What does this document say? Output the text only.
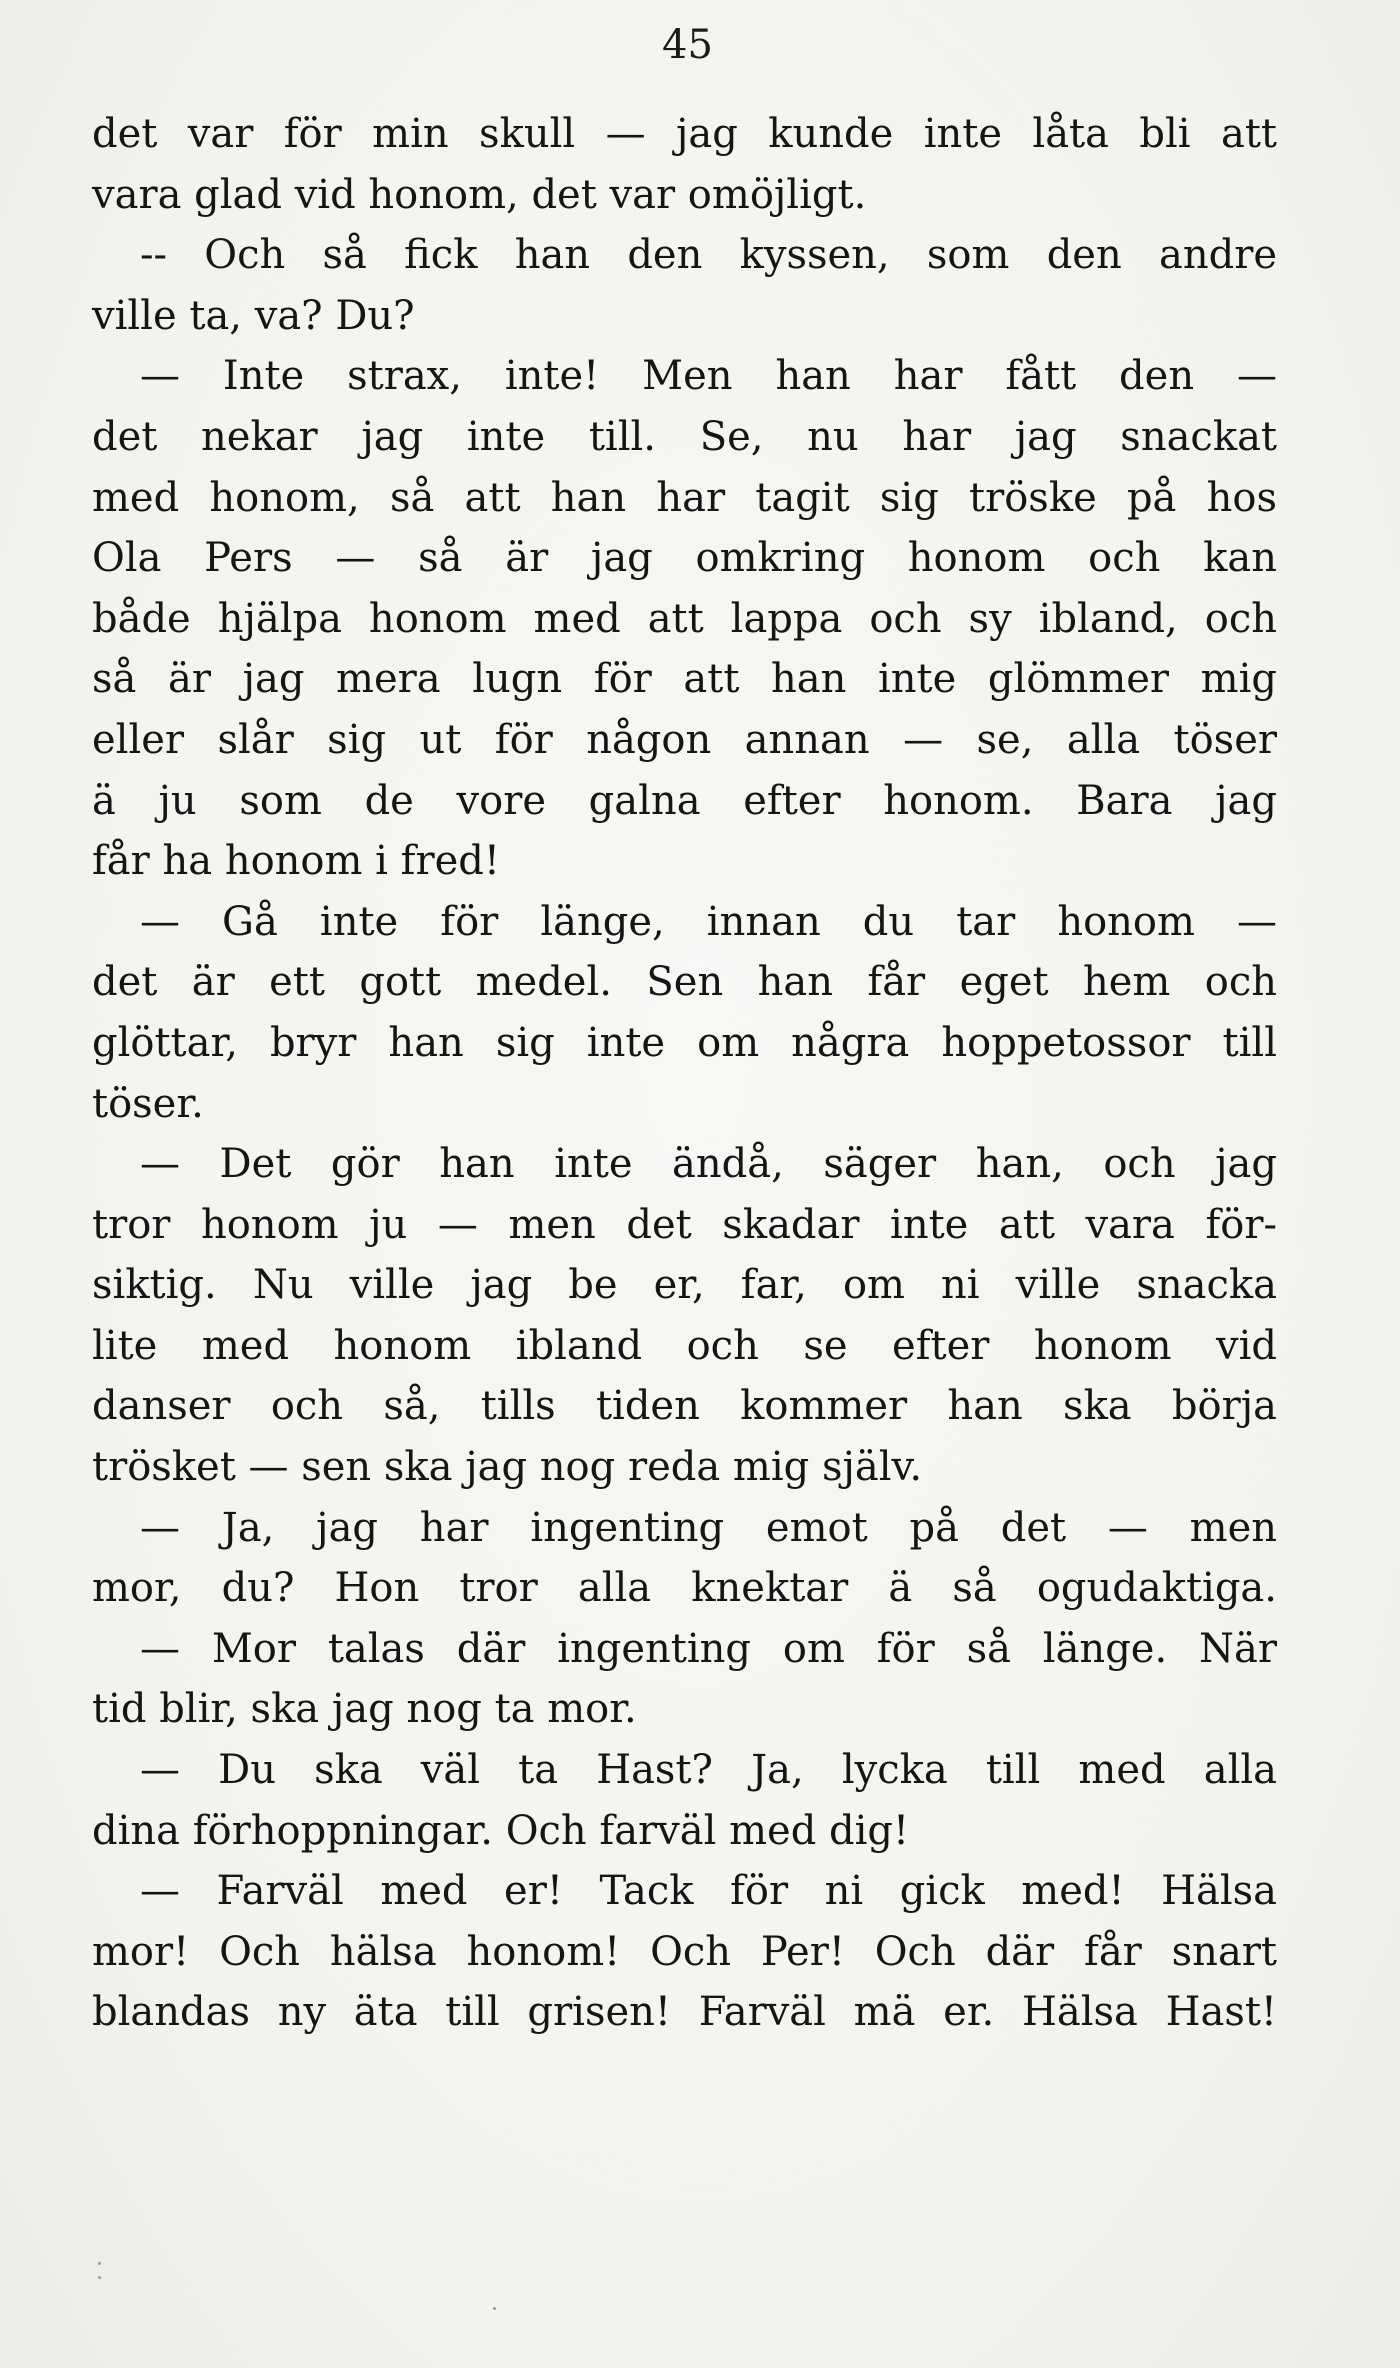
45
det var för min skull — jag kunde inte låta bli att
vara glad vid honom, det var omöjligt.
-- Och så fick han den kyssen, som den andre
ville ta, va? Du?
— Inte strax, inte! Men han har fått den —
det nekar jag inte till. Se, nu har jag snackat
med honom, så att han har tagit sig tröske på hos
Ola Pers — så är jag omkring honom och kan
både hjälpa honom med att lappa och sy ibland, och
så är jag mera lugn för att han inte glömmer mig
eller slår sig ut för någon annan — se, alla töser
ä ju som de vore galna efter honom. Bara jag
får ha honom i fred!
— Gå inte för länge, innan du tar honom —
det är ett gott medel. Sen han får eget hem och
glöttar, bryr han sig inte om några hoppetossor till
töser.
— Det gör han inte ändå, säger han, och jag
tror honom ju — men det skadar inte att vara för-
siktig. Nu ville jag be er, far, om ni ville snacka
lite med honom ibland och se efter honom vid
danser och så, tills tiden kommer han ska börja
trösket — sen ska jag nog reda mig själv.
— Ja, jag har ingenting emot på det — men
mor, du? Hon tror alla knektar ä så ogudaktiga.
— Mor talas där ingenting om för så länge. När
tid blir, ska jag nog ta mor.
— Du ska väl ta Hast? Ja, lycka till med alla
dina förhoppningar. Och farväl med dig!
— Farväl med er! Tack för ni gick med! Hälsa
mor! Och hälsa honom! Och Per! Och där får snart
blandas ny äta till grisen! Farväl mä er. Hälsa Hast!
